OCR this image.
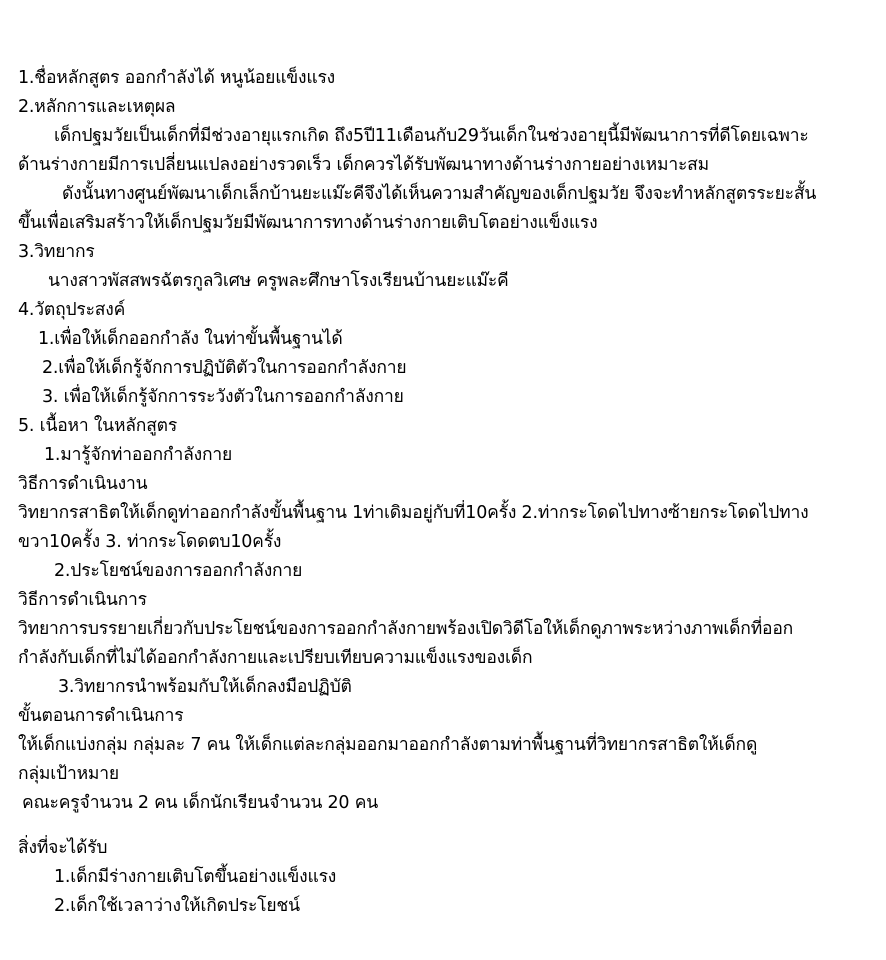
1.ชื่อหลักสูตร ออกกำลังได้ หนูน้อยแข็งแรง

2.หลักการและเหตุผล

เด็กปฐมวัยเป็นเด็กที่มีช่วงอายุแรกเกิด ถึง5ปี11เดือนกับ29วันเด็กในช่วงอายุนี้มีพัฒนาการที่ดีโดยเฉพาะ

ด้านร่างกายมีการเปลี่ยนแปลงอย่างรวดเร็ว เด็กควรได้รับพัฒนาทางด้านร่างกายอย่างเหมาะสม

ดังนั้นทางศูนย์พัฒนาเด็กเล็กบ้านยะแม๊ะคีจึงได้เห็นความสำคัญของเด็กปฐมวัย จึงจะทำหลักสูตรระยะสั้น

ขึ้นเพื่อเสริมสร้าวให้เด็กปฐมวัยมีพัฒนาการทางด้านร่างกายเติบโตอย่างแข็งแรง

3.วิทยากร

นางสาวพัสสพรฉัตรกูลวิเศษ ครูพละศึกษาโรงเรียนบ้านยะแม๊ะคี

4.วัตถุประสงค์

1.เพื่อให้เด็กออกกำลัง ในท่าขั้นพื้นฐานได้

2.เพื่อให้เด็กรู้จักการปฏิบัติตัวในการออกกำลังกาย

3. เพื่อให้เด็กรู้จักการระวังตัวในการออกกำลังกาย

5. เนื้อหา ในหลักสูตร

1.มารู้จักท่าออกกำลังกาย

วิธีการดำเนินงาน

วิทยากรสาธิตให้เด็กดูท่าออกกำลังขั้นพื้นฐาน 1ท่าเดิมอยู่กับที่10ครั้ง 2.ท่ากระโดดไปทางซ้ายกระโดดไปทาง

ขวา10ครั้ง 3. ท่ากระโดดตบ10ครั้ง

2.ประโยชน์ของการออกกำลังกาย

วิธีการดำเนินการ

วิทยาการบรรยายเกี่ยวกับประโยชน์ของการออกกำลังกายพร้องเปิดวิดีโอให้เด็กดูภาพระหว่างภาพเด็กที่ออก

กำลังกับเด็กที่ไม่ได้ออกกำลังกายและเปรียบเทียบความแข็งแรงของเด็ก

3.วิทยากรนำพร้อมกับให้เด็กลงมือปฏิบัติ

ขั้นตอนการดำเนินการ

ให้เด็กแบ่งกลุ่ม กลุ่มละ 7 คน ให้เด็กแต่ละกลุ่มออกมาออกกำลังตามท่าพื้นฐานที่วิทยากรสาธิตให้เด็กดู

กลุ่มเป้าหมาย

คณะครูจำนวน 2 คน เด็กนักเรียนจำนวน 20 คน

สิ่งที่จะได้รับ

1.เด็กมีร่างกายเติบโตขึ้นอย่างแข็งแรง

2.เด็กใช้เวลาว่างให้เกิดประโยชน์
